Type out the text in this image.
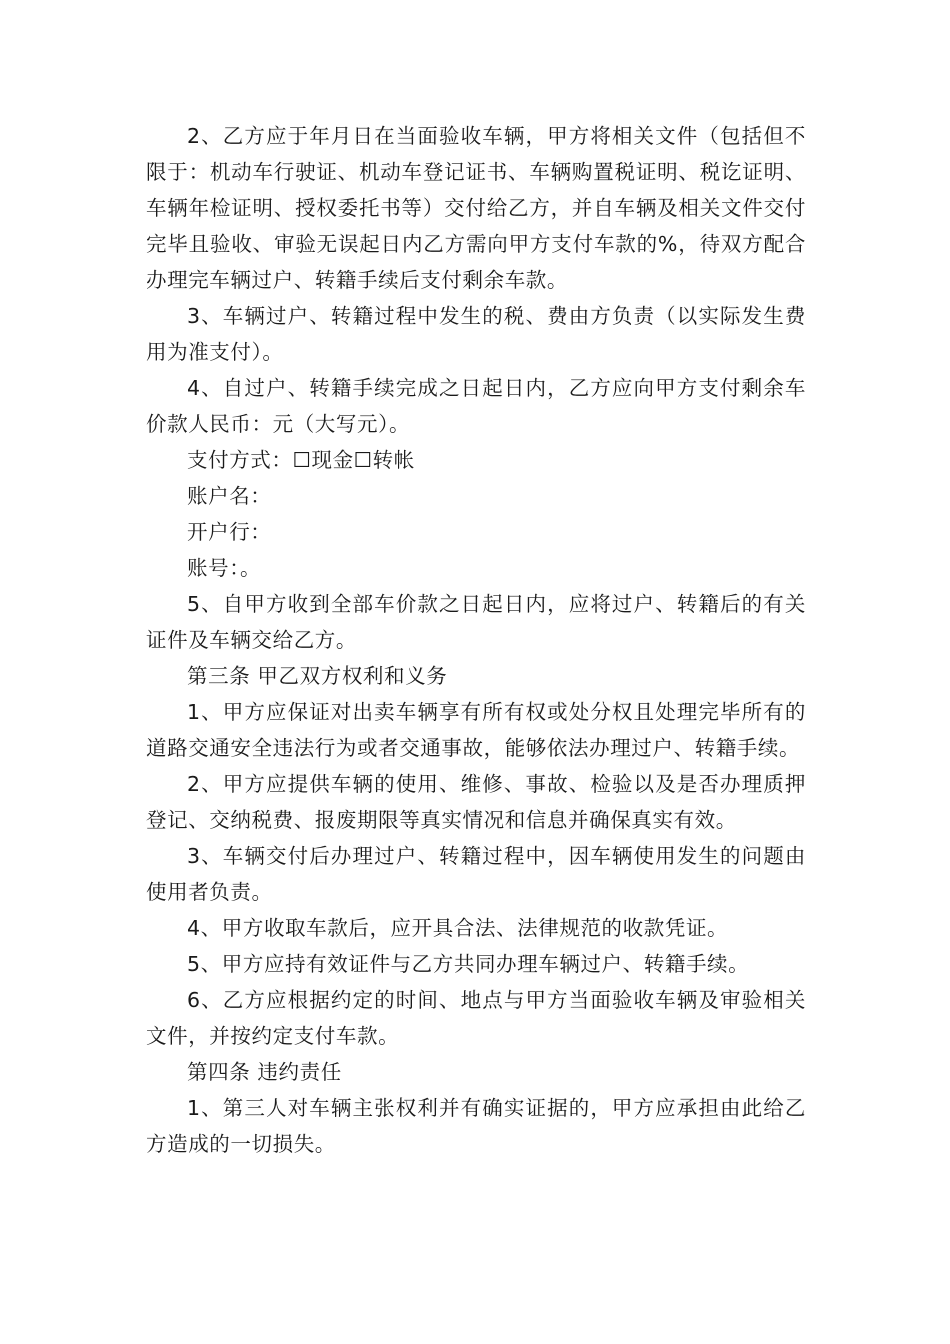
2、乙方应于年月日在当面验收车辆，甲方将相关文件（包括但不限于：机动车行驶证、机动车登记证书、车辆购置税证明、税讫证明、车辆年检证明、授权委托书等）交付给乙方，并自车辆及相关文件交付完毕且验收、审验无误起日内乙方需向甲方支付车款的%，待双方配合办理完车辆过户、转籍手续后支付剩余车款。

3、车辆过户、转籍过程中发生的税、费由方负责（以实际发生费用为准支付）。

4、自过户、转籍手续完成之日起日内，乙方应向甲方支付剩余车价款人民币：元（大写元）。

支付方式：☐现金☐转帐

账户名：

开户行：

账号：。

5、自甲方收到全部车价款之日起日内，应将过户、转籍后的有关证件及车辆交给乙方。

第三条 甲乙双方权利和义务

1、甲方应保证对出卖车辆享有所有权或处分权且处理完毕所有的道路交通安全违法行为或者交通事故，能够依法办理过户、转籍手续。

2、甲方应提供车辆的使用、维修、事故、检验以及是否办理质押登记、交纳税费、报废期限等真实情况和信息并确保真实有效。

3、车辆交付后办理过户、转籍过程中，因车辆使用发生的问题由使用者负责。

4、甲方收取车款后，应开具合法、法律规范的收款凭证。

5、甲方应持有效证件与乙方共同办理车辆过户、转籍手续。

6、乙方应根据约定的时间、地点与甲方当面验收车辆及审验相关文件，并按约定支付车款。

第四条 违约责任

1、第三人对车辆主张权利并有确实证据的，甲方应承担由此给乙方造成的一切损失。
